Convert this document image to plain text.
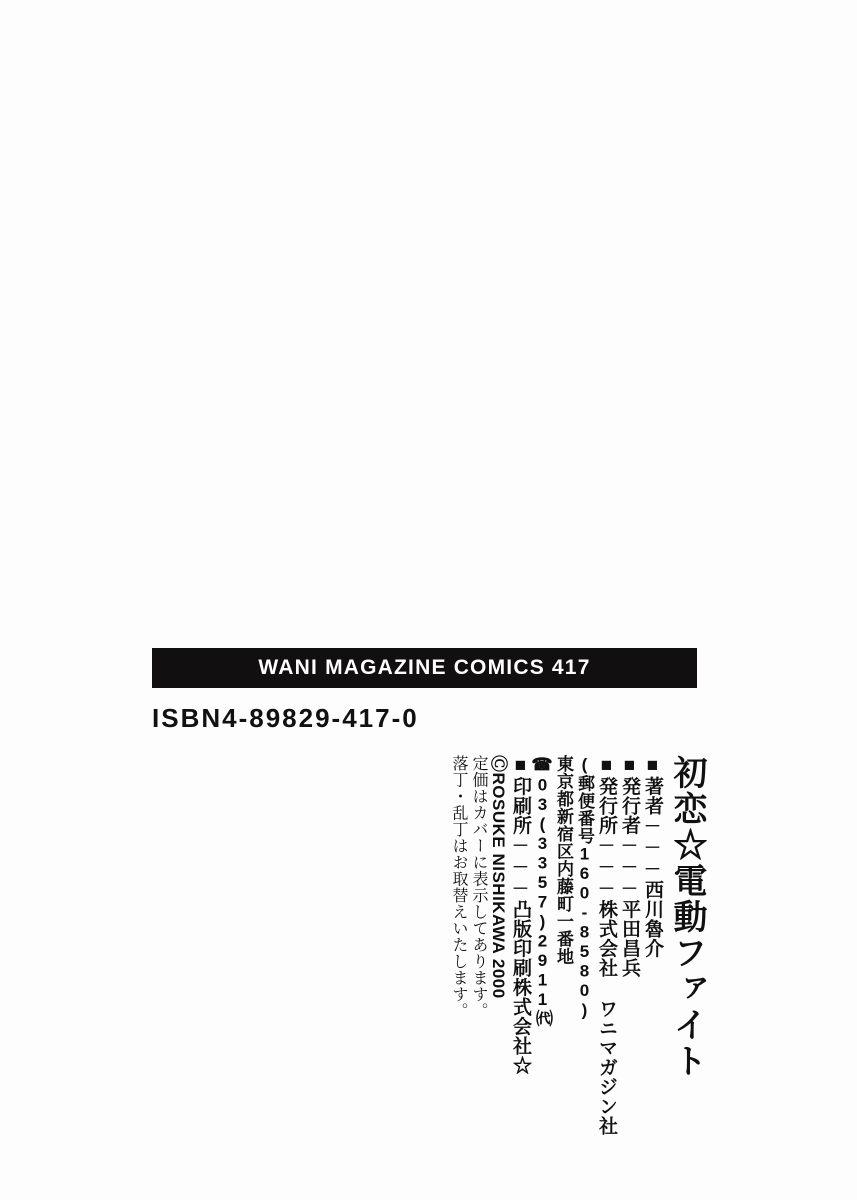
WANI MAGAZINE COMICS 417
ISBN4-89829-417-0
初恋☆電動ファイト
■著者───西川魯介
■発行者───平田昌兵
■発行所───株式会社 ワニマガジン社
(郵便番号160-8580)
東京都新宿区内藤町一番地
☎03(3357)2911㈹
■印刷所───凸版印刷株式会社☆
ⒸROSUKE NISHIKAWA 2000
定価はカバーに表示してあります。
落丁・乱丁はお取替えいたします。
